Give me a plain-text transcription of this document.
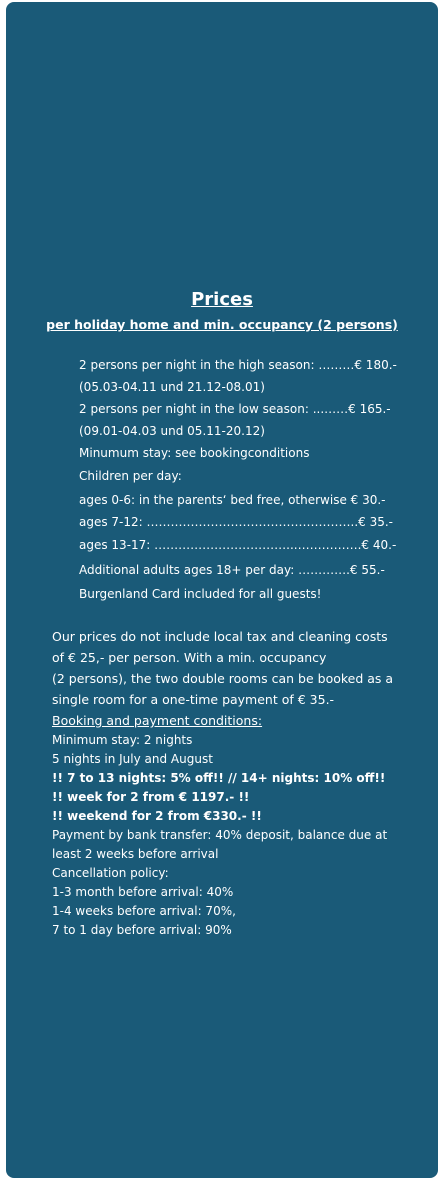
Prices
per holiday home and min. occupancy (2 persons)
2 persons per night in the high season: ………€ 180.-
(05.03-04.11 und 21.12-08.01)
2 persons per night in the low season: ...……€ 165.-
(09.01-04.03 und 05.11-20.12)
Minumum stay: see bookingconditions
Children per day:
ages 0-6: in the parents‘ bed free, otherwise € 30.-
ages 7-12: ……………………………………………..€ 35.-
ages 13-17: ……………………………...…………….€ 40.-
Additional adults ages 18+ per day: ………….€ 55.-
Burgenland Card included for all guests!
Our prices do not include local tax and cleaning costs
of € 25,- per person. With a min. occupancy
(2 persons), the two double rooms can be booked as a
single room for a one-time payment of € 35.-
Booking and payment conditions:
Minimum stay: 2 nights
5 nights in July and August
!! 7 to 13 nights: 5% off!! // 14+ nights: 10% off!!
!! week for 2 from € 1197.- !!
!! weekend for 2 from €330.- !!
Payment by bank transfer: 40% deposit, balance due at
least 2 weeks before arrival
Cancellation policy:
1-3 month before arrival: 40%
1-4 weeks before arrival: 70%,
7 to 1 day before arrival: 90%
